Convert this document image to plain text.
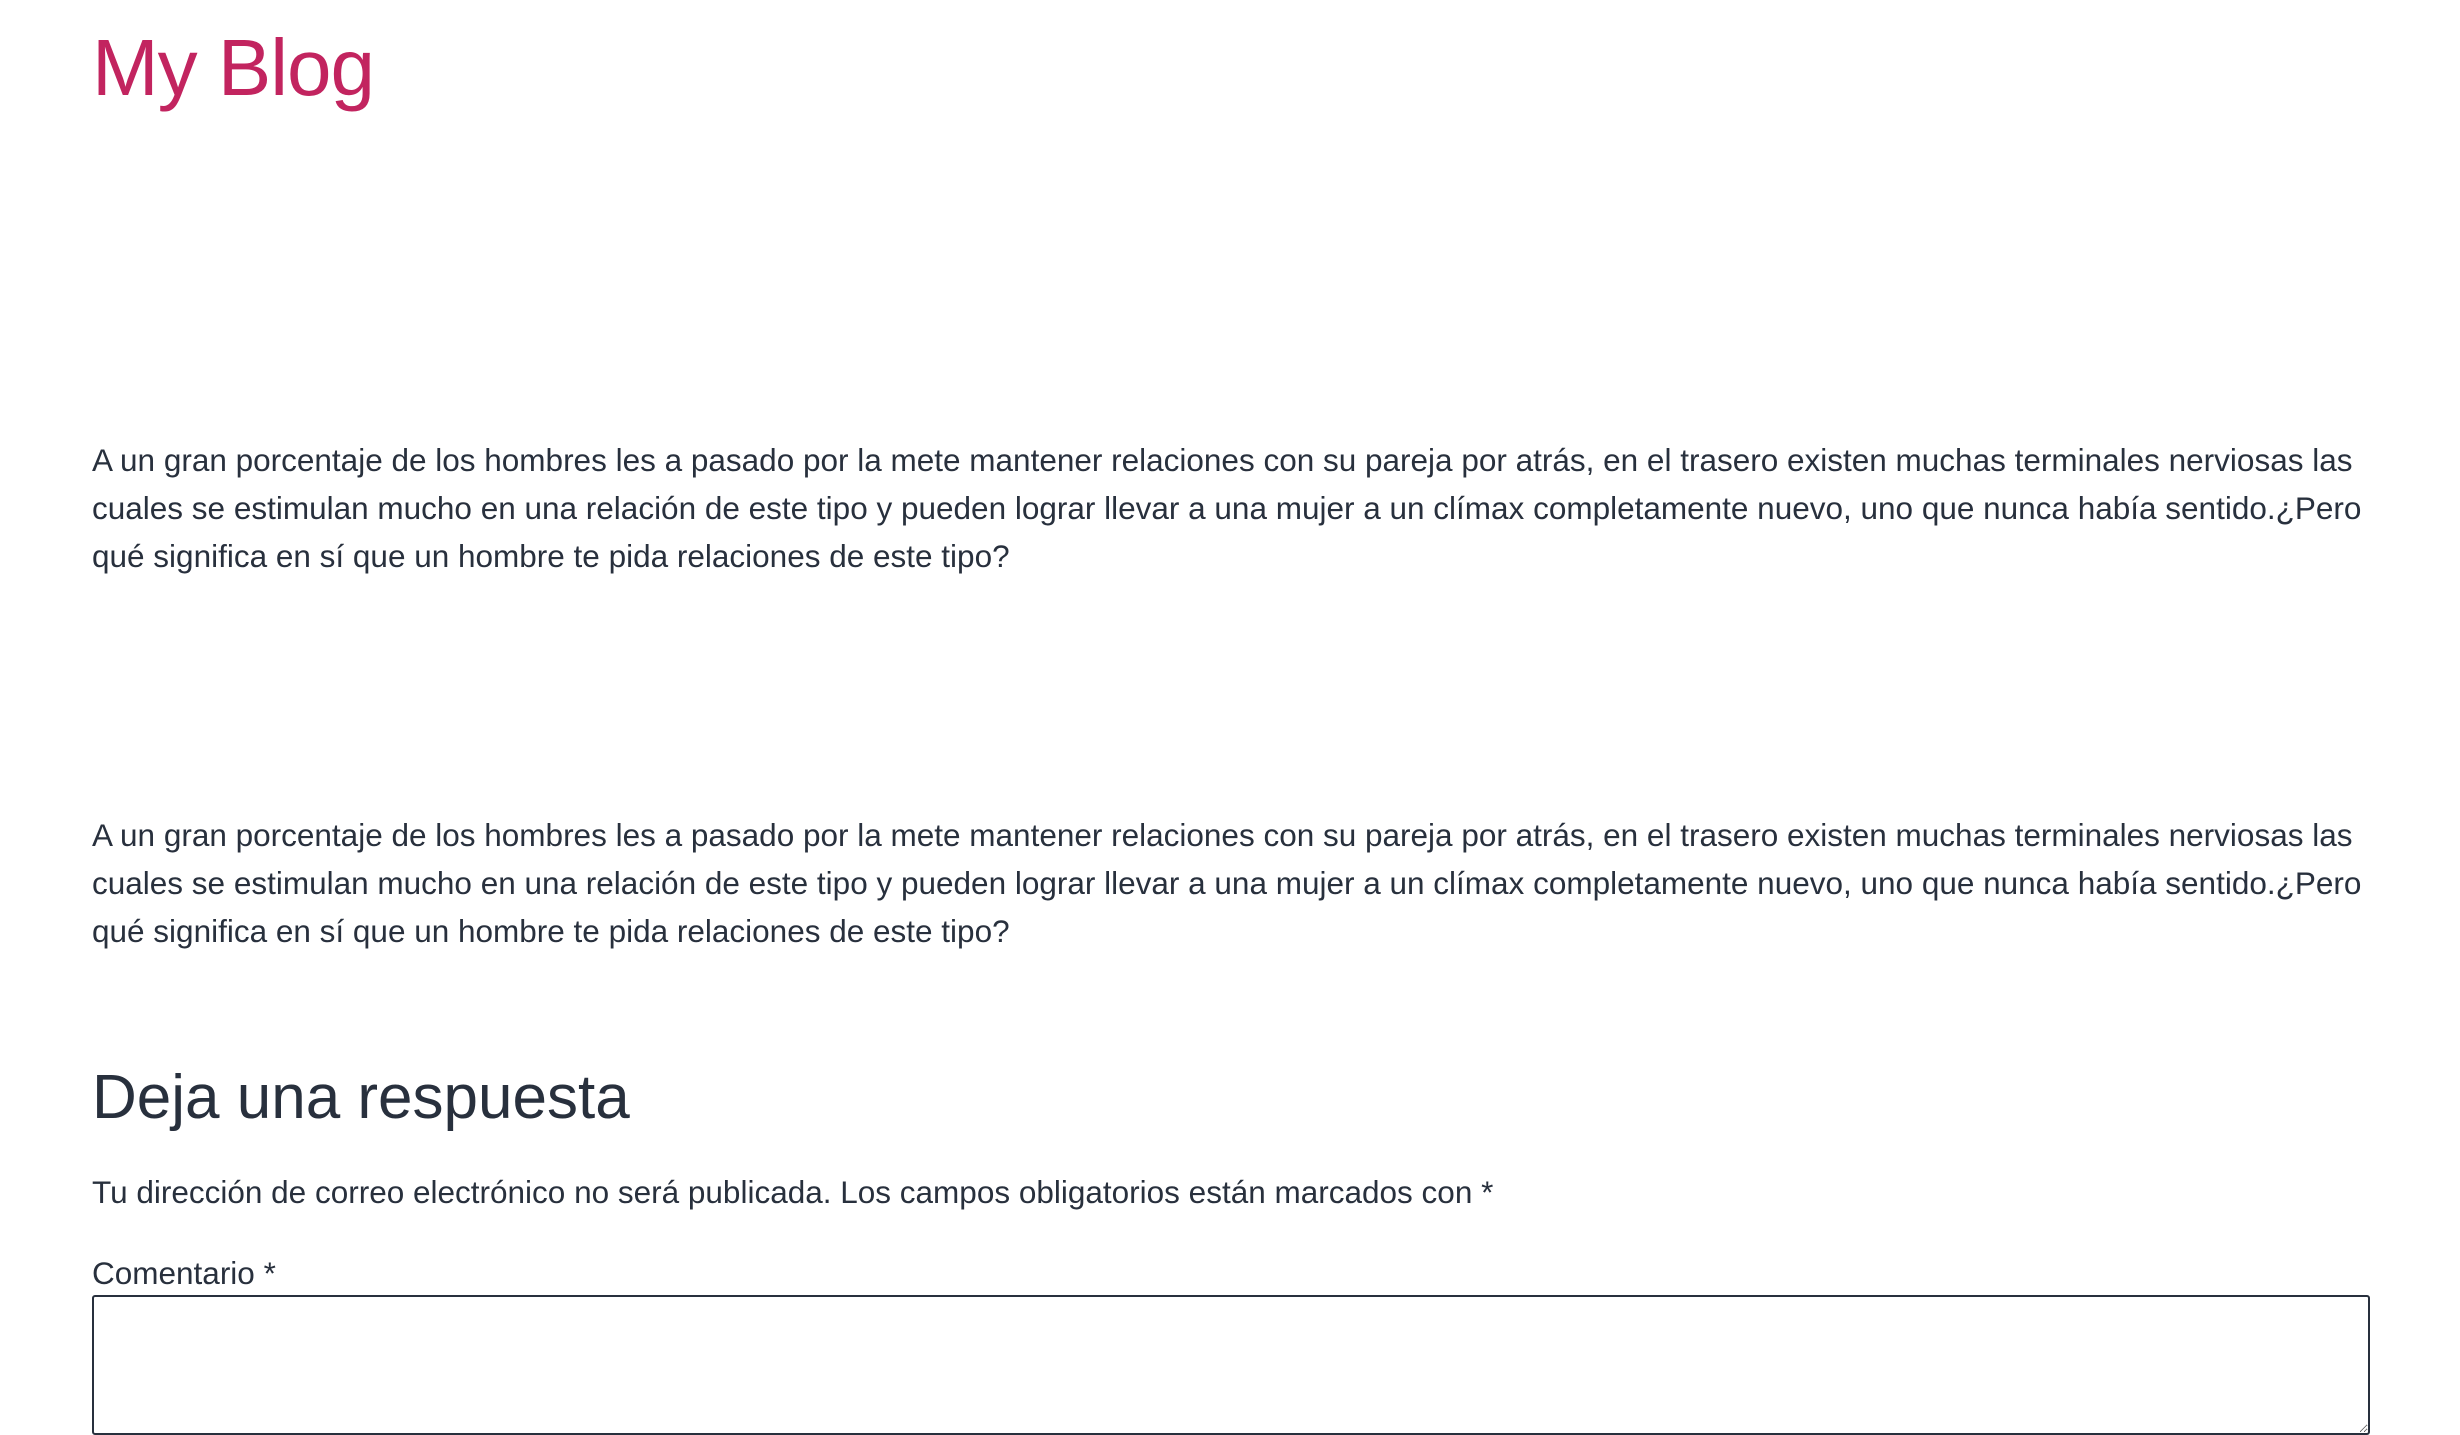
My Blog

A un gran porcentaje de los hombres les a pasado por la mete mantener relaciones con su pareja por atrás, en el trasero existen muchas terminales nerviosas las cuales se estimulan mucho en una relación de este tipo y pueden lograr llevar a una mujer a un clímax completamente nuevo, uno que nunca había sentido.¿Pero qué significa en sí que un hombre te pida relaciones de este tipo?

A un gran porcentaje de los hombres les a pasado por la mete mantener relaciones con su pareja por atrás, en el trasero existen muchas terminales nerviosas las cuales se estimulan mucho en una relación de este tipo y pueden lograr llevar a una mujer a un clímax completamente nuevo, uno que nunca había sentido.¿Pero qué significa en sí que un hombre te pida relaciones de este tipo?

Deja una respuesta

Tu dirección de correo electrónico no será publicada. Los campos obligatorios están marcados con *

Comentario *
